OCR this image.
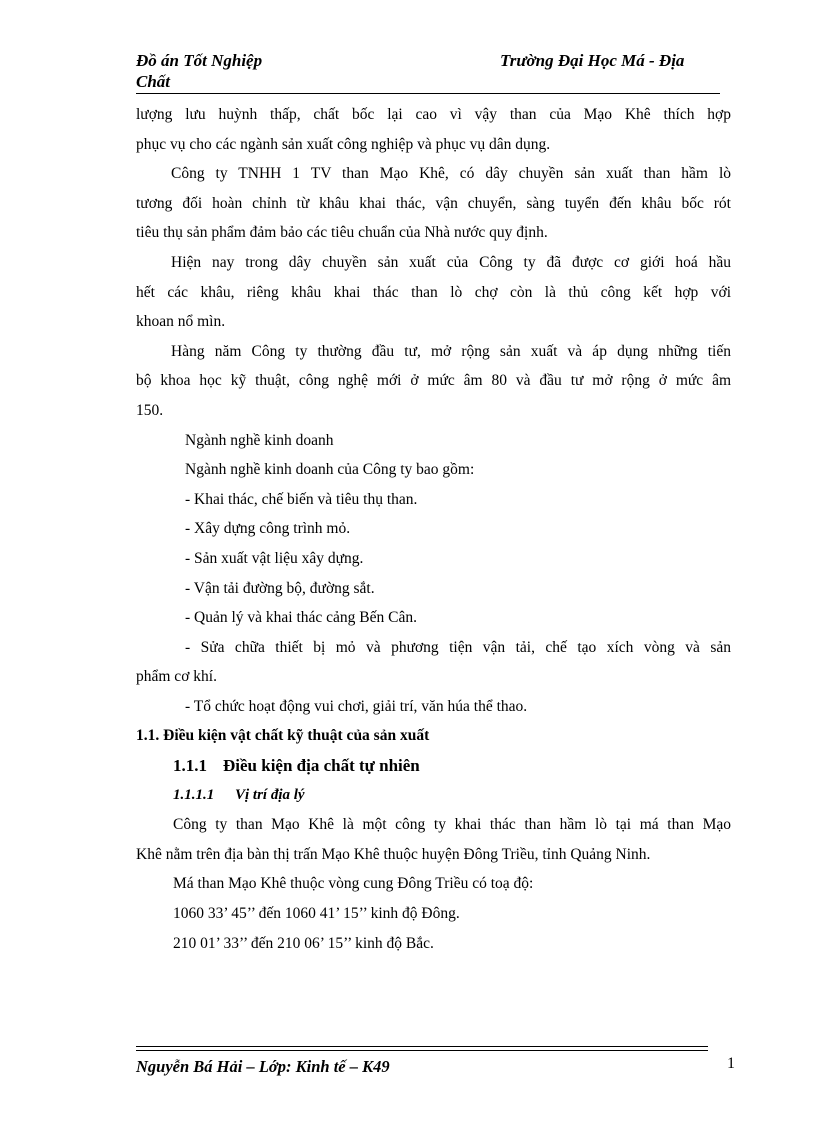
Đồ án Tốt Nghiệp	Trường Đại Học Má - Địa
Chất
lượng lưu huỳnh thấp, chất bốc lại cao vì vậy than của Mạo Khê thích hợp
phục vụ cho các ngành sản xuất công nghiệp và phục vụ dân dụng.
Công ty TNHH 1 TV than Mạo Khê, có dây chuyền sản xuất than hầm lò
tương đối hoàn chỉnh từ khâu khai thác, vận chuyển, sàng tuyển đến khâu bốc rót
tiêu thụ sản phẩm đảm bảo các tiêu chuẩn của Nhà nước quy định.
Hiện nay trong dây chuyền sản xuất của Công ty đã được cơ giới hoá hầu
hết các khâu, riêng khâu khai thác than lò chợ còn là thủ công kết hợp với
khoan nổ mìn.
Hàng năm Công ty thường đầu tư, mở rộng sản xuất và áp dụng những tiến
bộ khoa học kỹ thuật, công nghệ mới ở mức âm 80 và đầu tư mở rộng ở mức âm
150.
Ngành nghề kinh doanh
Ngành nghề kinh doanh của Công ty bao gồm:
- Khai thác, chế biến và tiêu thụ than.
- Xây dựng công trình mỏ.
- Sản xuất vật liệu xây dựng.
- Vận tải đường bộ, đường sắt.
- Quản lý và khai thác cảng Bến Cân.
- Sửa chữa thiết bị mỏ và phương tiện vận tải, chế tạo xích vòng và sản
phẩm cơ khí.
- Tổ chức hoạt động vui chơi, giải trí, văn húa thể thao.
1.1. Điều kiện vật chất kỹ thuật của sản xuất
1.1.1 Điều kiện địa chất tự nhiên
1.1.1.1 Vị trí địa lý
Công ty than Mạo Khê là một công ty khai thác than hầm lò tại má than Mạo
Khê nằm trên địa bàn thị trấn Mạo Khê thuộc huyện Đông Triều, tỉnh Quảng Ninh.
Má than Mạo Khê thuộc vòng cung Đông Triều có toạ độ:
1060 33’ 45’’ đến 1060 41’ 15’’ kinh độ Đông.
210 01’ 33’’ đến 210 06’ 15’’ kinh độ Bắc.
Nguyễn Bá Hải – Lớp: Kinh tế – K49	1
